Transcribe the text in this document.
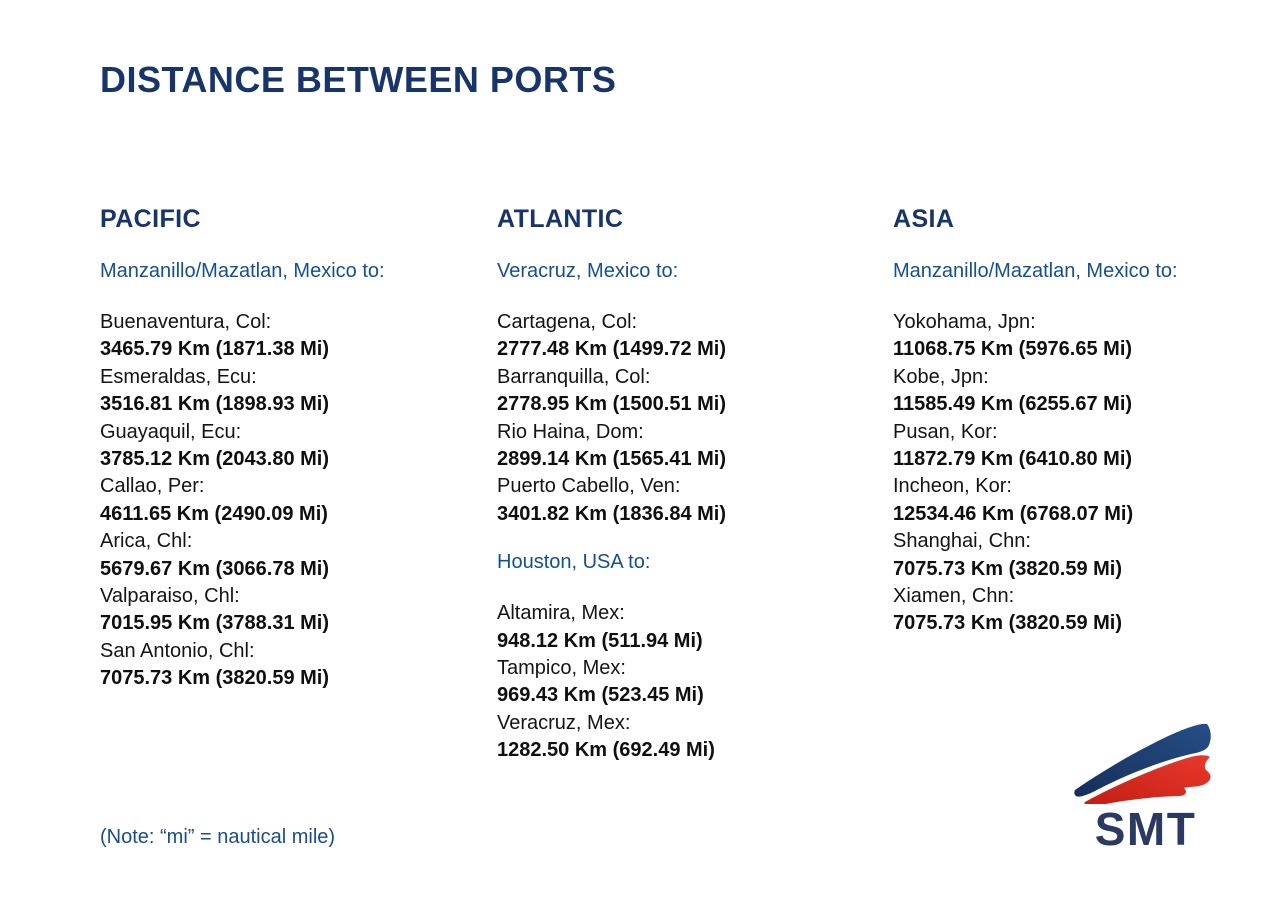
DISTANCE BETWEEN PORTS
PACIFIC
Manzanillo/Mazatlan, Mexico to:
Buenaventura, Col:
3465.79 Km (1871.38 Mi)
Esmeraldas, Ecu:
3516.81 Km (1898.93 Mi)
Guayaquil, Ecu:
3785.12 Km (2043.80 Mi)
Callao, Per:
4611.65 Km (2490.09 Mi)
Arica, Chl:
5679.67 Km (3066.78 Mi)
Valparaiso, Chl:
7015.95 Km (3788.31 Mi)
San Antonio, Chl:
7075.73 Km (3820.59 Mi)
ATLANTIC
Veracruz, Mexico to:
Cartagena, Col:
2777.48 Km (1499.72 Mi)
Barranquilla, Col:
2778.95 Km (1500.51 Mi)
Rio Haina, Dom:
2899.14 Km (1565.41 Mi)
Puerto Cabello, Ven:
3401.82 Km (1836.84 Mi)
Houston, USA to:
Altamira, Mex:
948.12 Km (511.94 Mi)
Tampico, Mex:
969.43 Km (523.45 Mi)
Veracruz, Mex:
1282.50 Km (692.49 Mi)
ASIA
Manzanillo/Mazatlan, Mexico to:
Yokohama, Jpn:
11068.75 Km (5976.65 Mi)
Kobe, Jpn:
11585.49 Km (6255.67 Mi)
Pusan, Kor:
11872.79 Km (6410.80 Mi)
Incheon, Kor:
12534.46 Km (6768.07 Mi)
Shanghai, Chn:
7075.73 Km (3820.59 Mi)
Xiamen, Chn:
7075.73 Km (3820.59 Mi)
(Note: “mi” = nautical mile)	SMT
